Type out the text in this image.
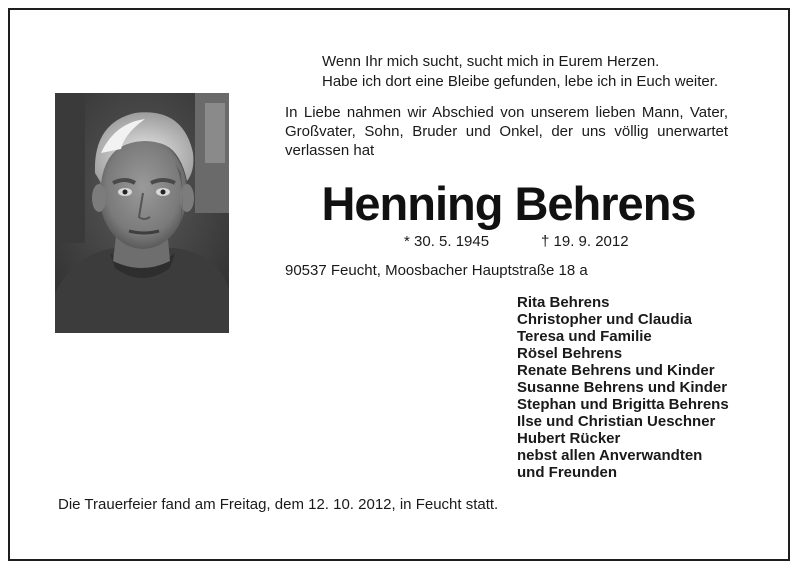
Wenn Ihr mich sucht, sucht mich in Eurem Herzen.
Habe ich dort eine Bleibe gefunden, lebe ich in Euch weiter.
In Liebe nahmen wir Abschied von unserem lieben Mann, Vater, Großvater, Sohn, Bruder und Onkel, der uns völlig unerwartet verlassen hat
Henning Behrens
* 30. 5. 1945	† 19. 9. 2012
90537 Feucht, Moosbacher Hauptstraße 18 a
Rita Behrens
Christopher und Claudia
Teresa und Familie
Rösel Behrens
Renate Behrens und Kinder
Susanne Behrens und Kinder
Stephan und Brigitta Behrens
Ilse und Christian Ueschner
Hubert Rücker
nebst allen Anverwandten
und Freunden
Die Trauerfeier fand am Freitag, dem 12. 10. 2012, in Feucht statt.
